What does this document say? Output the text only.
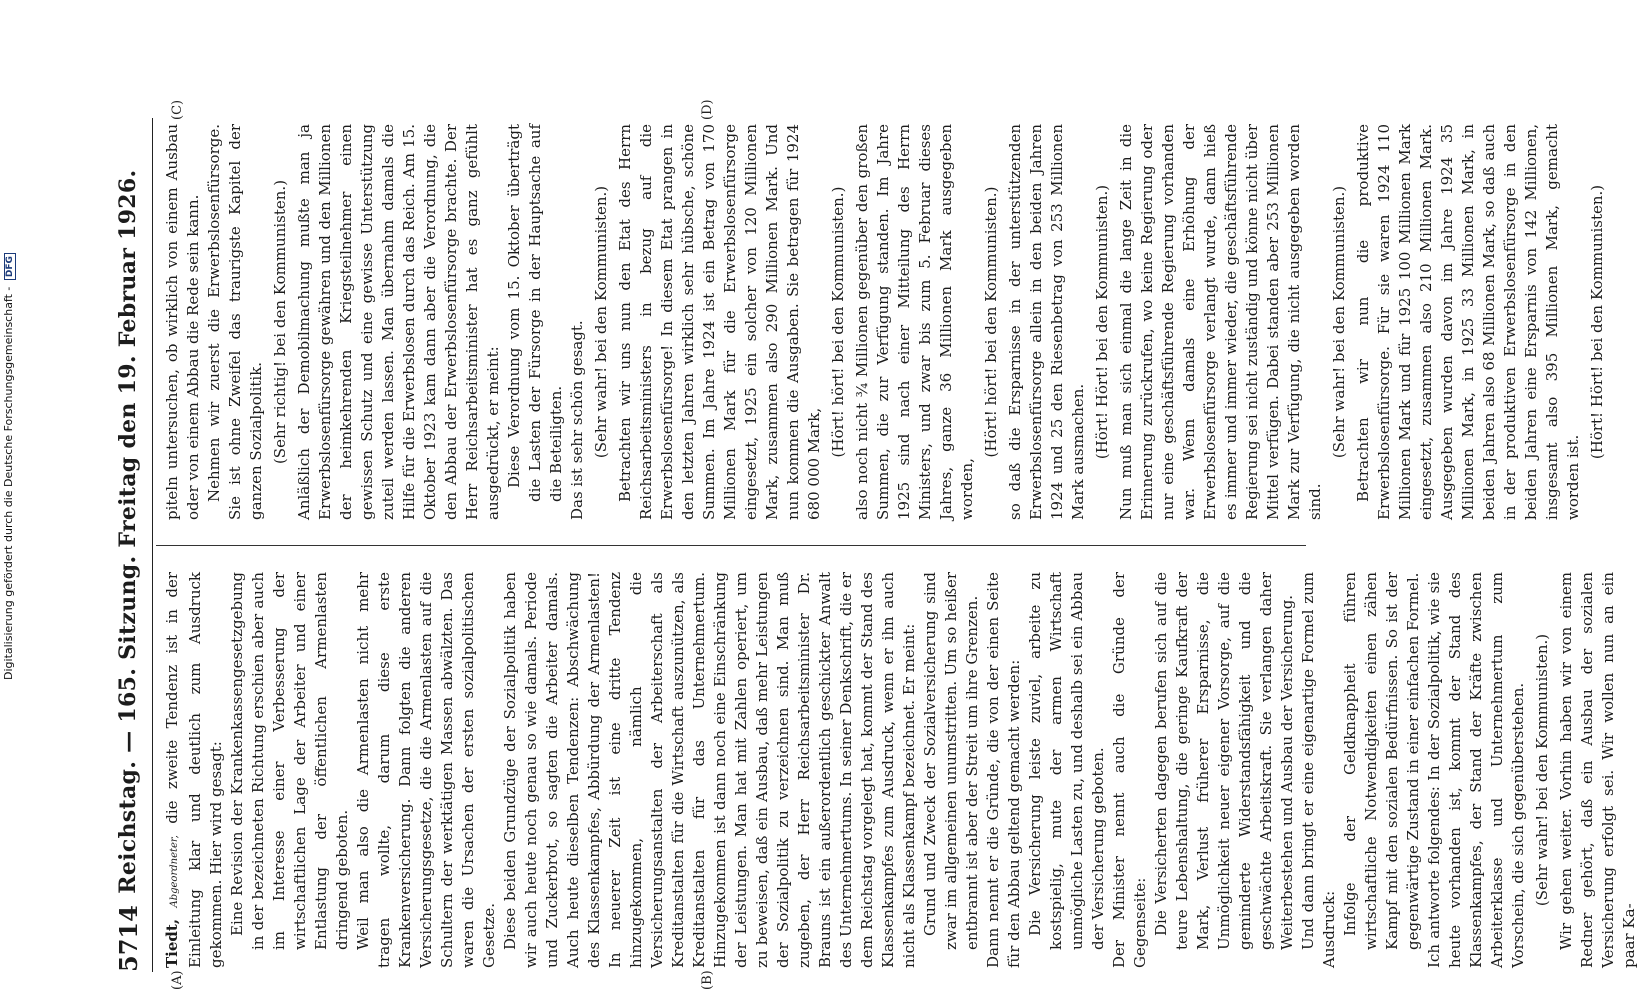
5714
Reichstag. — 165. Sitzung. Freitag den 19. Februar 1926.
(A)	(B)
(C)	(D)

Tiedt, Abgeordneter, die zweite Tendenz ist in der Einleitung klar und deutlich zum Ausdruck gekommen. Hier wird gesagt: Eine Revision der Krankenkassengesetzgebung in der bezeichneten Richtung erschien aber auch im Interesse einer Verbesserung der wirtschaftlichen Lage der Arbeiter und einer Entlastung der öffentlichen Armenlasten dringend geboten. Weil man also die Armenlasten nicht mehr tragen wollte, darum diese erste Krankenversicherung. Dann folgten die anderen Versicherungsgesetze, die die Armenlasten auf die Schultern der werktätigen Massen abwälzten. Das waren die Ursachen der ersten sozialpolitischen Gesetze. Diese beiden Grundzüge der Sozialpolitik haben wir auch heute noch genau so wie damals. Periode und Zuckerbrot, so sagten die Arbeiter damals. Auch heute dieselben Tendenzen: Abschwächung des Klassenkampfes, Abbürdung der Armenlasten! In neuerer Zeit ist eine dritte Tendenz hinzugekommen, nämlich die Versicherungsanstalten der Arbeiterschaft als Kreditanstalten für die Wirtschaft auszunützen, als Kreditanstalten für das Unternehmertum. Hinzugekommen ist dann noch eine Einschränkung der Leistungen. Man hat mit Zahlen operiert, um zu beweisen, daß ein Ausbau, daß mehr Leistungen der Sozialpolitik zu verzeichnen sind. Man muß zugeben, der Herr Reichsarbeitsminister Dr. Brauns ist ein außerordentlich geschickter Anwalt des Unternehmertums. In seiner Denkschrift, die er dem Reichstag vorgelegt hat, kommt der Stand des Klassenkampfes zum Ausdruck, wenn er ihn auch nicht als Klassenkampf bezeichnet. Er meint: Grund und Zweck der Sozialversicherung sind zwar im allgemeinen unumstritten. Um so heißer entbrannt ist aber der Streit um ihre Grenzen. Dann nennt er die Gründe, die von der einen Seite für den Abbau geltend gemacht werden: Die Versicherung leiste zuviel, arbeite zu kostspielig, mute der armen Wirtschaft unmögliche Lasten zu, und deshalb sei ein Abbau der Versicherung geboten. Der Minister nennt auch die Gründe der Gegenseite: Die Versicherten dagegen berufen sich auf die teure Lebenshaltung, die geringe Kaufkraft der Mark, Verlust früherer Ersparnisse, die Unmöglichkeit neuer eigener Vorsorge, auf die geminderte Widerstandsfähigkeit und die geschwächte Arbeitskraft. Sie verlangen daher Weiterbestehen und Ausbau der Versicherung. Und dann bringt er eine eigenartige Formel zum Ausdruck: Infolge der Geldknappheit führen wirtschaftliche Notwendigkeiten einen zähen Kampf mit den sozialen Bedürfnissen. So ist der gegenwärtige Zustand in einer einfachen Formel. Ich antworte folgendes: In der Sozialpolitik, wie sie heute vorhanden ist, kommt der Stand des Klassenkampfes, der Stand der Kräfte zwischen Arbeiterklasse und Unternehmertum zum Vorschein, die sich gegenüberstehen. (Sehr wahr! bei den Kommunisten.) Wir gehen weiter. Vorhin haben wir von einem Redner gehört, daß ein Ausbau der sozialen Versicherung erfolgt sei. Wir wollen nun an ein paar Ka-

piteln untersuchen, ob wirklich von einem Ausbau oder von einem Abbau die Rede sein kann. Nehmen wir zuerst die Erwerbslosenfürsorge. Sie ist ohne Zweifel das traurigste Kapitel der ganzen Sozialpolitik. (Sehr richtig! bei den Kommunisten.) Anläßlich der Demobilmachung mußte man ja Erwerbslosenfürsorge gewähren und den Millionen der heimkehrenden Kriegsteilnehmer einen gewissen Schutz und eine gewisse Unterstützung zuteil werden lassen. Man übernahm damals die Hilfe für die Erwerbslosen durch das Reich. Am 15. Oktober 1923 kam dann aber die Verordnung, die den Abbau der Erwerbslosenfürsorge brachte. Der Herr Reichsarbeitsminister hat es ganz gefühlt ausgedrückt, er meint: Diese Verordnung vom 15. Oktober überträgt die Lasten der Fürsorge in der Hauptsache auf die Beteiligten. Das ist sehr schön gesagt. (Sehr wahr! bei den Kommunisten.) Betrachten wir uns nun den Etat des Herrn Reichsarbeitsministers in bezug auf die Erwerbslosenfürsorge! In diesem Etat prangen in den letzten Jahren wirklich sehr hübsche, schöne Summen. Im Jahre 1924 ist ein Betrag von 170 Millionen Mark für die Erwerbslosenfürsorge eingesetzt, 1925 ein solcher von 120 Millionen Mark, zusammen also 290 Millionen Mark. Und nun kommen die Ausgaben. Sie betragen für 1924 680 000 Mark,

(Hört! hört! bei den Kommunisten.) also noch nicht ¾ Millionen gegenüber den großen Summen, die zur Verfügung standen. Im Jahre 1925 sind nach einer Mitteilung des Herrn Ministers, und zwar bis zum 5. Februar dieses Jahres, ganze 36 Millionen Mark ausgegeben worden,

(Hört! hört! bei den Kommunisten.) so daß die Ersparnisse in der unterstützenden Erwerbslosenfürsorge allein in den beiden Jahren 1924 und 25 den Riesenbetrag von 253 Millionen Mark ausmachen. (Hört! Hört! bei den Kommunisten.) Nun muß man sich einmal die lange Zeit in die Erinnerung zurückrufen, wo keine Regierung oder nur eine geschäftsführende Regierung vorhanden war. Wenn damals eine Erhöhung der Erwerbslosenfürsorge verlangt wurde, dann hieß es immer und immer wieder, die geschäftsführende Regierung sei nicht zuständig und könne nicht über Mittel verfügen. Dabei standen aber 253 Millionen Mark zur Verfügung, die nicht ausgegeben worden sind.

(Sehr wahr! bei den Kommunisten.) Betrachten wir nun die produktive Erwerbslosenfürsorge. Für sie waren 1924 110 Millionen Mark und für 1925 100 Millionen Mark eingesetzt, zusammen also 210 Millionen Mark. Ausgegeben wurden davon im Jahre 1924 35 Millionen Mark, in 1925 33 Millionen Mark, in beiden Jahren also 68 Millionen Mark, so daß auch in der produktiven Erwerbslosenfürsorge in den beiden Jahren eine Ersparnis von 142 Millionen, insgesamt also 395 Millionen Mark, gemacht worden ist.

(Hört! Hört! bei den Kommunisten.)

Digitalisierung gefördert durch die Deutsche Forschungsgemeinschaft - DFG
